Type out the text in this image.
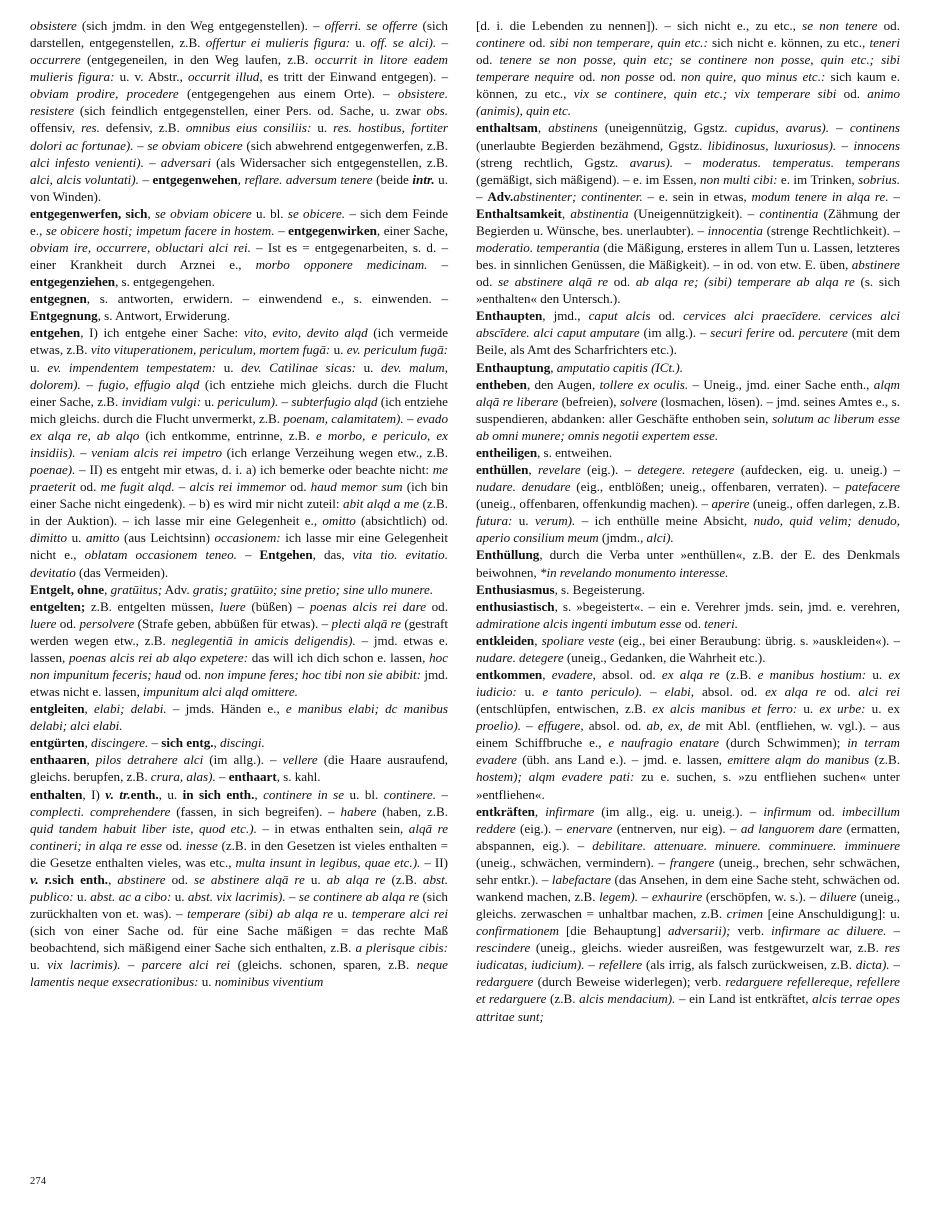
obsistere (sich jmdm. in den Weg entgegenstellen). – offerri. se offerre (sich darstellen, entgegenstellen, z.B. offertur ei mulieris figura: u. off. se alci). – occurrere (entgegeneilen, in den Weg laufen, z.B. occurrit in litore eadem mulieris figura: u. v. Abstr., occurrit illud, es tritt der Einwand entgegen). – obviam prodire, procedere (entgegengehen aus einem Orte). – obsistere. resistere (sich feindlich entgegenstellen, einer Pers. od. Sache, u. zwar obs. offensiv, res. defensiv, z.B. omnibus eius consiliis: u. res. hostibus, fortiter dolori ac fortunae). – se obviam obicere (sich abwehrend entgegenwerfen, z.B. alci infesto venienti). – adversari (als Widersacher sich entgegenstellen, z.B. alci, alcis voluntati). – entgegenwehen, reflare. adversum tenere (beide intr. u. von Winden).

entgegenwerfen, sich, se obviam obicere u. bl. se obicere. – sich dem Feinde e., se obicere hosti; impetum facere in hostem. – entgegenwirken, einer Sache, obviam ire, occurrere, obluctari alci rei. – Ist es = entgegenarbeiten, s. d. – einer Krankheit durch Arznei e., morbo opponere medicinam. – entgegenziehen, s. entgegengehen.

entgegnen, s. antworten, erwidern. – einwendend e., s. einwenden. – Entgegnung, s. Antwort, Erwiderung.

entgehen, I) ich entgehe einer Sache: vito, evito, devito alqd (ich vermeide etwas, z.B. vito vituperationem, periculum, mortem fugā: u. ev. periculum fugā: u. ev. impendentem tempestatem: u. dev. Catilinae sicas: u. dev. malum, dolorem). – fugio, effugio alqd (ich entziehe mich gleichs. durch die Flucht einer Sache, z.B. invidiam vulgi: u. periculum). – subterfugio alqd (ich entziehe mich gleichs. durch die Flucht unvermerkt, z.B. poenam, calamitatem). – evado ex alqa re, ab alqo (ich entkomme, entrinne, z.B. e morbo, e periculo, ex insidiis). – veniam alcis rei impetro (ich erlange Verzeihung wegen etw., z.B. poenae). – II) es entgeht mir etwas, d. i. a) ich bemerke oder beachte nicht: me praeterit od. me fugit alqd. – alcis rei immemor od. haud memor sum (ich bin einer Sache nicht eingedenk). – b) es wird mir nicht zuteil: abit alqd a me (z.B. in der Auktion). – ich lasse mir eine Gelegenheit e., omitto (absichtlich) od. dimitto u. amitto (aus Leichtsinn) occasionem: ich lasse mir eine Gelegenheit nicht e., oblatam occasionem teneo. – Entgehen, das, vita tio. evitatio. devitatio (das Vermeiden).

Entgelt, ohne, gratūitus; Adv. gratis; gratūito; sine pretio; sine ullo munere.

entgelten; z.B. entgelten müssen, luere (büßen) – poenas alcis rei dare od. luere od. persolvere (Strafe geben, abbüßen für etwas). – plecti alqā re (gestraft werden wegen etw., z.B. neglegentiā in amicis deligendis). – jmd. etwas e. lassen, poenas alcis rei ab alqo expetere: das will ich dich schon e. lassen, hoc non impunitum feceris; haud od. non impune feres; hoc tibi non sie abibit: jmd. etwas nicht e. lassen, impunitum alci alqd omittere.

entgleiten, elabi; delabi. – jmds. Händen e., e manibus elabi; dc manibus delabi; alci elabi.

entgürten, discingere. – sich entg., discingi.

enthaaren, pilos detrahere alci (im allg.). – vellere (die Haare ausraufend, gleichs. berupfen, z.B. crura, alas). – enthaart, s. kahl.

enthalten, I) v. tr.enth., u. in sich enth., continere in se u. bl. continere. – complecti. comprehendere (fassen, in sich begreifen). – habere (haben, z.B. quid tandem habuit liber iste, quod etc.). – in etwas enthalten sein, alqā re contineri; in alqa re esse od. inesse (z.B. in den Gesetzen ist vieles enthalten = die Gesetze enthalten vieles, was etc., multa insunt in legibus, quae etc.). – II) v. r.sich enth., abstinere od. se abstinere alqā re u. ab alqa re (z.B. abst. publico: u. abst. ac a cibo: u. abst. vix lacrimis). – se continere ab alqa re (sich zurückhalten von et. was). – temperare (sibi) ab alqa re u. temperare alci rei (sich von einer Sache od. für eine Sache mäßigen = das rechte Maß beobachtend, sich mäßigend einer Sache sich enthalten, z.B. a plerisque cibis: u. vix lacrimis). – parcere alci rei (gleichs. schonen, sparen, z.B. neque lamentis neque exsecrationibus: u. nominibus viventium

[d. i. die Lebenden zu nennen]). – sich nicht e., zu etc., se non tenere od. continere od. sibi non temperare, quin etc.: sich nicht e. können, zu etc., teneri od. tenere se non posse, quin etc; se continere non posse, quin etc.; sibi temperare nequire od. non posse od. non quire, quo minus etc.: sich kaum e. können, zu etc., vix se continere, quin etc.; vix temperare sibi od. animo (animis), quin etc.

enthaltsam, abstinens (uneigennützig, Ggstz. cupidus, avarus). – continens (unerlaubte Begierden bezähmend, Ggstz. libidinosus, luxuriosus). – innocens (streng rechtlich, Ggstz. avarus). – moderatus. temperatus. temperans (gemäßigt, sich mäßigend). – e. im Essen, non multi cibi: e. im Trinken, sobrius. – Adv.abstinenter; continenter. – e. sein in etwas, modum tenere in alqa re. – Enthaltsamkeit, abstinentia (Uneigennützigkeit). – continentia (Zähmung der Begierden u. Wünsche, bes. unerlaubter). – innocentia (strenge Rechtlichkeit). – moderatio. temperantia (die Mäßigung, ersteres in allem Tun u. Lassen, letzteres bes. in sinnlichen Genüssen, die Mäßigkeit). – in od. von etw. E. üben, abstinere od. se abstinere alqā re od. ab alqa re; (sibi) temperare ab alqa re (s. sich »enthalten« den Untersch.).

Enthaupten, jmd., caput alcis od. cervices alci praecīdere. cervices alci abscīdere. alci caput amputare (im allg.). – securi ferire od. percutere (mit dem Beile, als Amt des Scharfrichters etc.).

Enthauptung, amputatio capitis (ICt.).

entheben, den Augen, tollere ex oculis. – Uneig., jmd. einer Sache enth., alqm alqā re liberare (befreien), solvere (losmachen, lösen). – jmd. seines Amtes e., s. suspendieren, abdanken: aller Geschäfte enthoben sein, solutum ac liberum esse ab omni munere; omnis negotii expertem esse.

entheiligen, s. entweihen.

enthüllen, revelare (eig.). – detegere. retegere (aufdecken, eig. u. uneig.) – nudare. denudare (eig., entblößen; uneig., offenbaren, verraten). – patefacere (uneig., offenbaren, offenkundig machen). – aperire (uneig., offen darlegen, z.B. futura: u. verum). – ich enthülle meine Absicht, nudo, quid velim; denudo, aperio consilium meum (jmdm., alci).

Enthüllung, durch die Verba unter »enthüllen«, z.B. der E. des Denkmals beiwohnen, *in revelando monumento interesse.

Enthusiasmus, s. Begeisterung.

enthusiastisch, s. »begeistert«. – ein e. Verehrer jmds. sein, jmd. e. verehren, admiratione alcis ingenti imbutum esse od. teneri.

entkleiden, spoliare veste (eig., bei einer Beraubung: übrig. s. »auskleiden«). – nudare. detegere (uneig., Gedanken, die Wahrheit etc.).

entkommen, evadere, absol. od. ex alqa re (z.B. e manibus hostium: u. ex iudicio: u. e tanto periculo). – elabi, absol. od. ex alqa re od. alci rei (entschlüpfen, entwischen, z.B. ex alcis manibus et ferro: u. ex urbe: u. ex proelio). – effugere, absol. od. ab, ex, de mit Abl. (entfliehen, w. vgl.). – aus einem Schiffbruche e., e naufragio enatare (durch Schwimmen); in terram evadere (übh. ans Land e.). – jmd. e. lassen, emittere alqm do manibus (z.B. hostem); alqm evadere pati: zu e. suchen, s. »zu entfliehen suchen« unter »entfliehen«.

entkräften, infirmare (im allg., eig. u. uneig.). – infirmum od. imbecillum reddere (eig.). – enervare (entnerven, nur eig). – ad languorem dare (ermatten, abspannen, eig.). – debilitare. attenuare. minuere. comminuere. imminuere (uneig., schwächen, vermindern). – frangere (uneig., brechen, sehr schwächen, sehr entkr.). – labefactare (das Ansehen, in dem eine Sache steht, schwächen od. wankend machen, z.B. legem). – exhaurire (erschöpfen, w. s.). – diluere (uneig., gleichs. zerwaschen = unhaltbar machen, z.B. crimen [eine Anschuldigung]: u. confirmationem [die Behauptung] adversarii); verb. infirmare ac diluere. – rescindere (uneig., gleichs. wieder ausreißen, was festgewurzelt war, z.B. res iudicatas, iudicium). – refellere (als irrig, als falsch zurückweisen, z.B. dicta). – redarguere (durch Beweise widerlegen); verb. redarguere refellereque, refellere et redarguere (z.B. alcis mendacium). – ein Land ist entkräftet, alcis terrae opes attritae sunt;

274
